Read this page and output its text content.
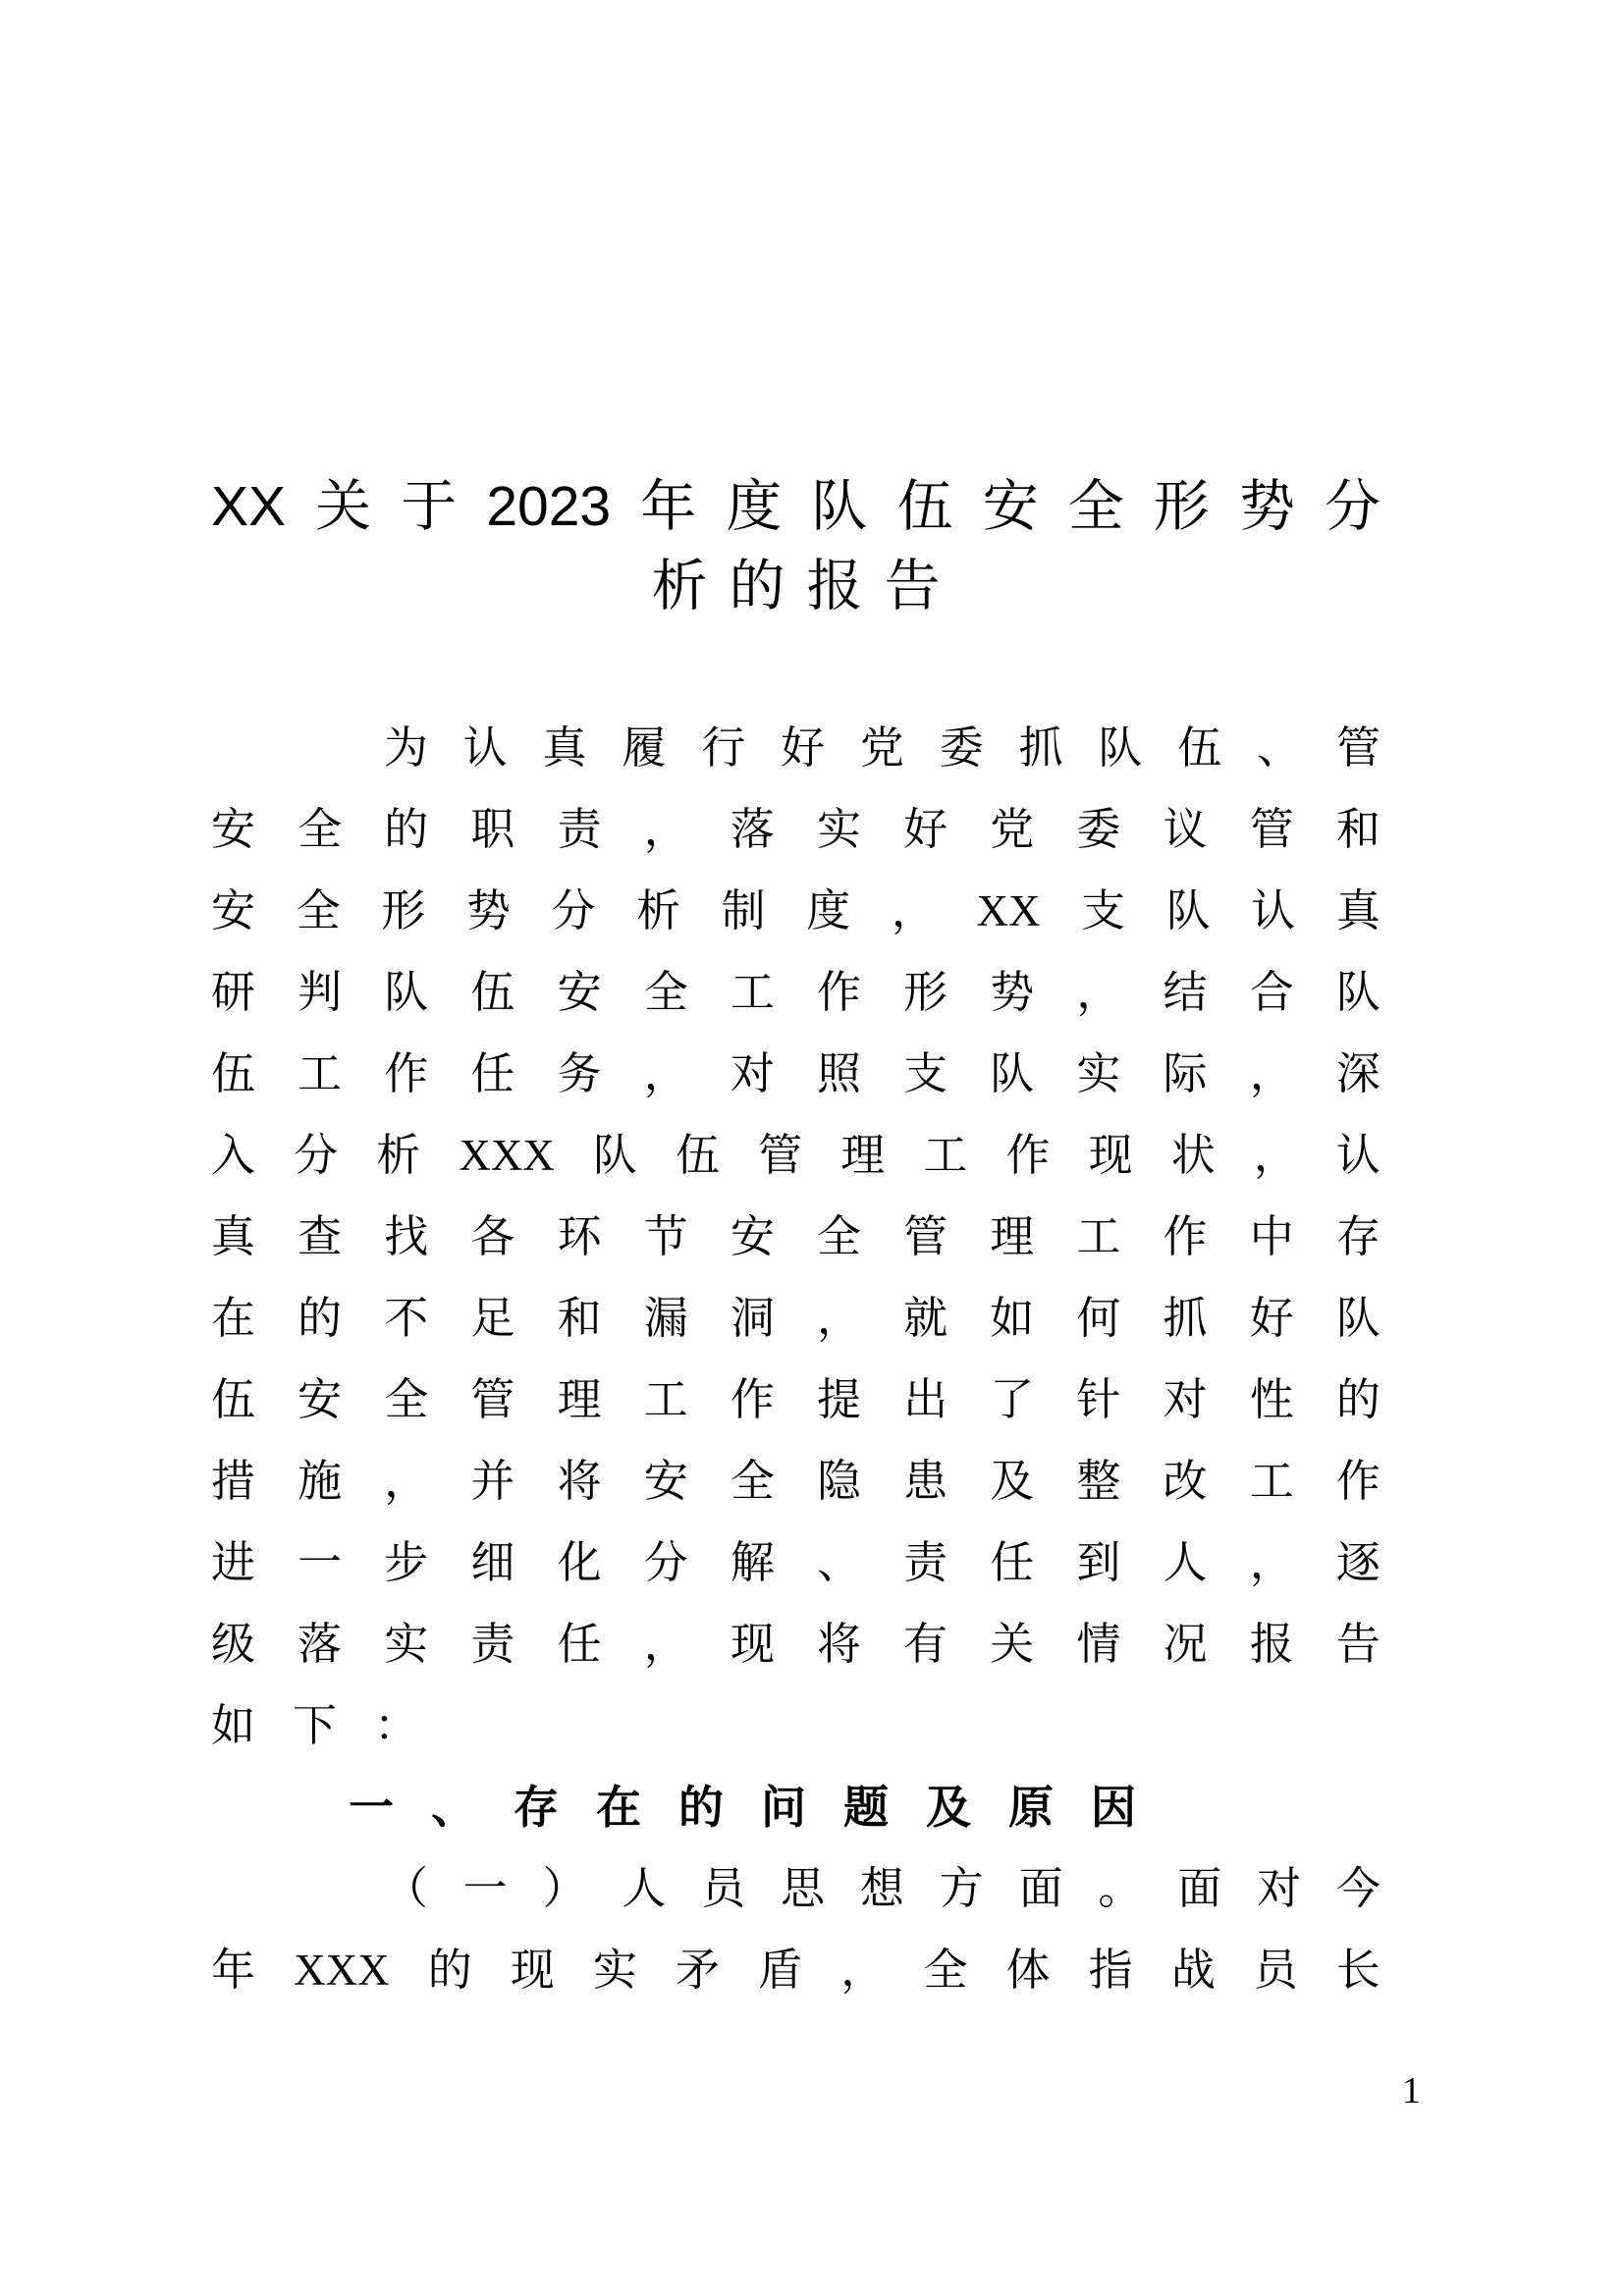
XX 关 于 2023 年 度 队 伍 安 全 形 势 分
析 的 报 告
为 认 真 履 行 好 党 委 抓 队 伍 、 管
安 全 的 职 责 ， 落 实 好 党 委 议 管 和
安 全 形 势 分 析 制 度 ， XX 支 队 认 真
研 判 队 伍 安 全 工 作 形 势 ， 结 合 队
伍 工 作 任 务 ， 对 照 支 队 实 际 ， 深
入 分 析 XXX 队 伍 管 理 工 作 现 状 ， 认
真 查 找 各 环 节 安 全 管 理 工 作 中 存
在 的 不 足 和 漏 洞 ， 就 如 何 抓 好 队
伍 安 全 管 理 工 作 提 出 了 针 对 性 的
措 施 ， 并 将 安 全 隐 患 及 整 改 工 作
进 一 步 细 化 分 解 、 责 任 到 人 ， 逐
级 落 实 责 任 ， 现 将 有 关 情 况 报 告
如 下 ：
一 、 存 在 的 问 题 及 原 因
（ 一 ） 人 员 思 想 方 面 。 面 对 今
年 XXX 的 现 实 矛 盾 ， 全 体 指 战 员 长
1
